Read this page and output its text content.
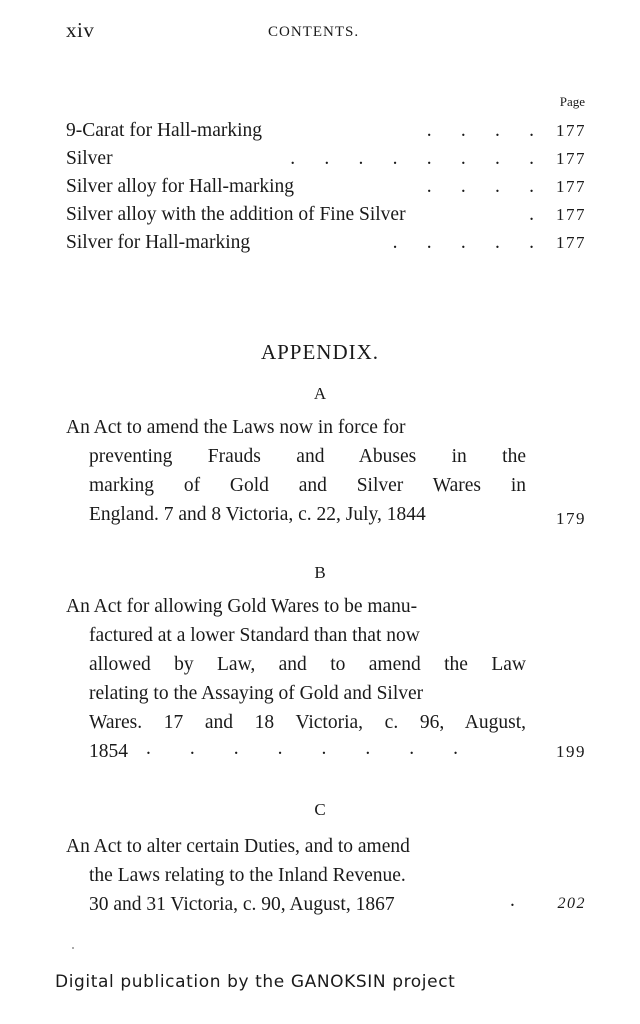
xiv	CONTENTS.
Page
9-Carat for Hall-marking	.      .      .      .	177
Silver	.      .      .      .      .      .      .      .	177
Silver alloy for Hall-marking	.      .      .      .	177
Silver alloy with the addition of Fine Silver	.	177
Silver for Hall-marking	.      .      .      .      .	177
APPENDIX.
A
An Act to amend the Laws now in force for
preventing Frauds and Abuses in the
marking of Gold and Silver Wares in
England. 7 and 8 Victoria, c. 22, July, 1844	179
B
An Act for allowing Gold Wares to be manu-
factured at a lower Standard than that now
allowed by Law, and to amend the Law
relating to the Assaying of Gold and Silver
Wares. 17 and 18 Victoria, c. 96, August,
1854 .        .        .        .        .        .        .        .	199
C
An Act to alter certain Duties, and to amend
the Laws relating to the Inland Revenue.
30 and 31 Victoria, c. 90, August, 1867	.	202
Digital publication by the GANOKSIN project
